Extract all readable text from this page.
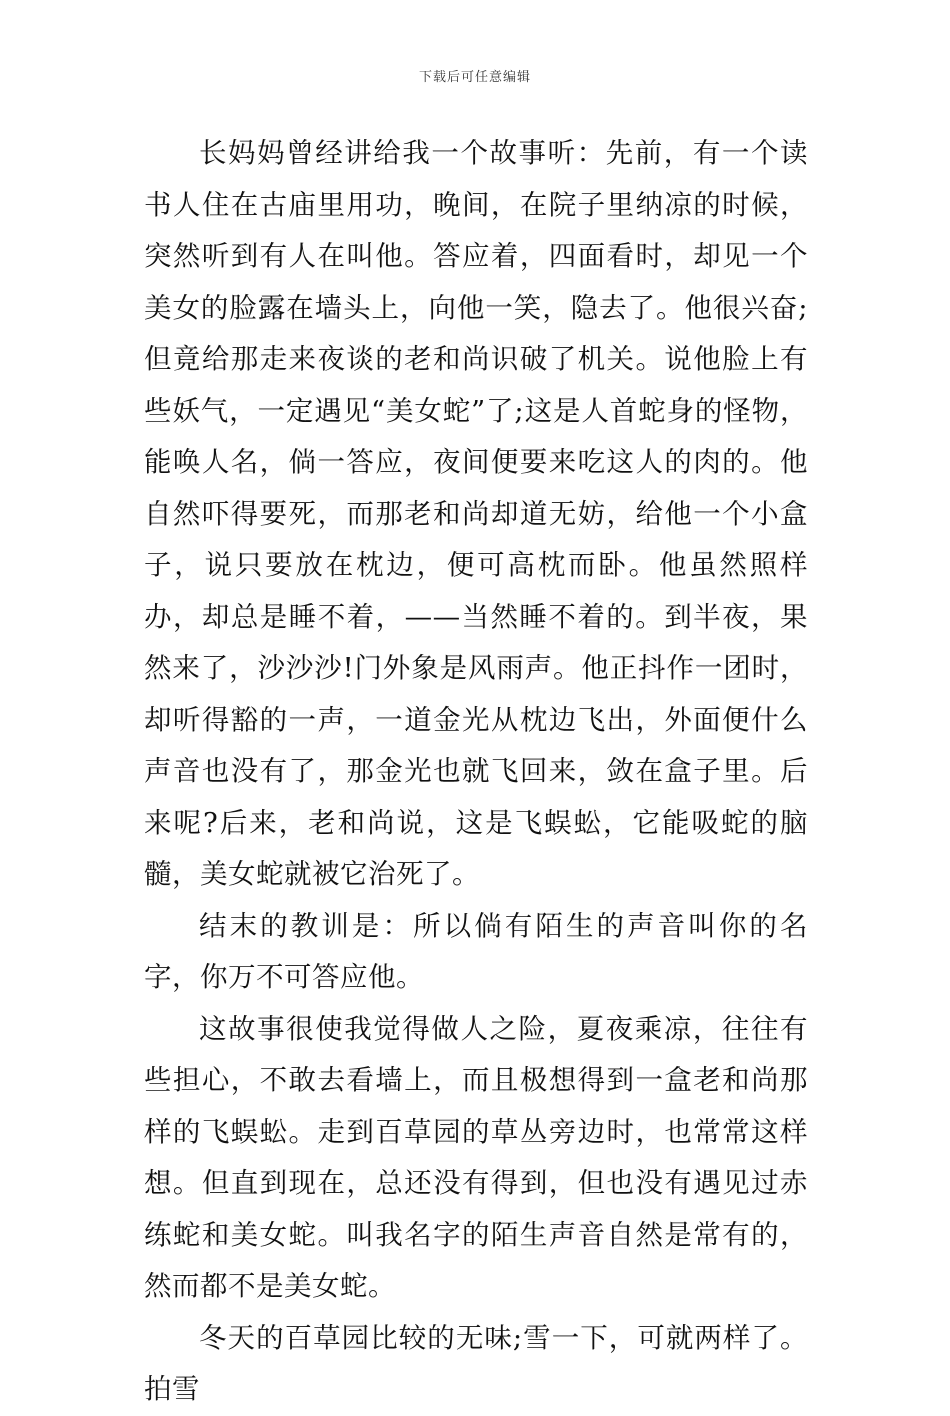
下载后可任意编辑

长妈妈曾经讲给我一个故事听：先前，有一个读书人住在古庙里用功，晚间，在院子里纳凉的时候，突然听到有人在叫他。答应着，四面看时，却见一个美女的脸露在墙头上，向他一笑，隐去了。他很兴奋;但竟给那走来夜谈的老和尚识破了机关。说他脸上有些妖气，一定遇见“美女蛇”了;这是人首蛇身的怪物，能唤人名，倘一答应，夜间便要来吃这人的肉的。他自然吓得要死，而那老和尚却道无妨，给他一个小盒子，说只要放在枕边，便可高枕而卧。他虽然照样办，却总是睡不着，——当然睡不着的。到半夜，果然来了，沙沙沙!门外象是风雨声。他正抖作一团时，却听得豁的一声，一道金光从枕边飞出，外面便什么声音也没有了，那金光也就飞回来，敛在盒子里。后来呢?后来，老和尚说，这是飞蜈蚣，它能吸蛇的脑髓，美女蛇就被它治死了。

结末的教训是：所以倘有陌生的声音叫你的名字，你万不可答应他。

这故事很使我觉得做人之险，夏夜乘凉，往往有些担心，不敢去看墙上，而且极想得到一盒老和尚那样的飞蜈蚣。走到百草园的草丛旁边时，也常常这样想。但直到现在，总还没有得到，但也没有遇见过赤练蛇和美女蛇。叫我名字的陌生声音自然是常有的，然而都不是美女蛇。

冬天的百草园比较的无味;雪一下，可就两样了。拍雪
